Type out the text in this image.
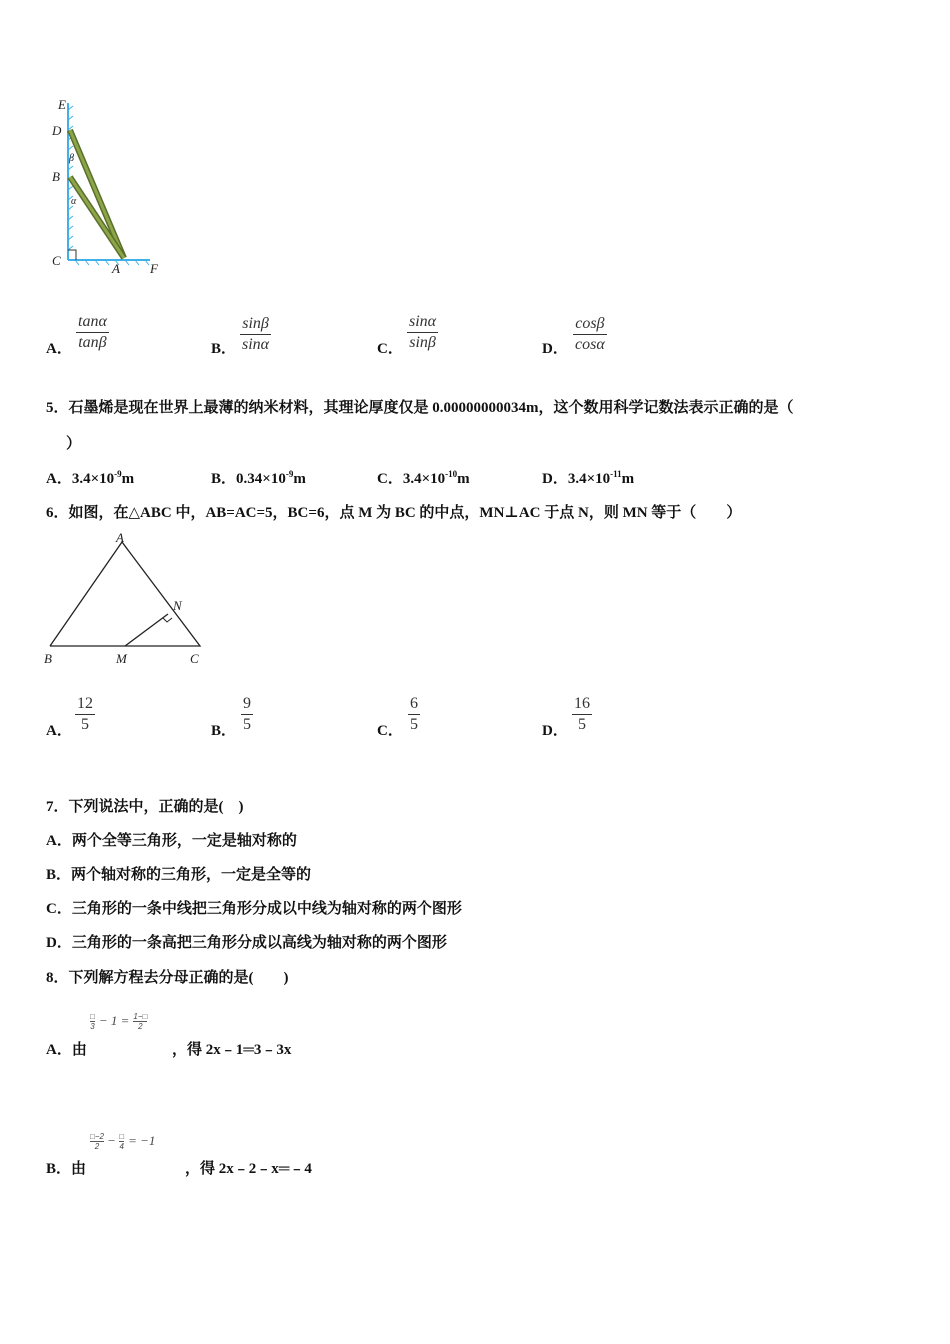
E
D
B
C
A F
β
α
A．
tanα
tanβ	B．
sinβ
sinα	C．
sinα
sinβ	D．
cosβ
cosα
5．石墨烯是现在世界上最薄的纳米材料，其理论厚度仅是 0.00000000034m，这个数用科学记数法表示正确的是（
）
A．$3.4\times 10^{-9}m$	B．$0.34\times 10^{-9}m$	C．$3.4\times 10^{-10}m$	D．$3.4\times 10^{-11}m$
6．如图，在△ABC 中，AB=AC=5，BC=6，点 M 为 BC 的中点，MN⊥AC 于点 N，则 MN 等于（　　）
A
B	C
M
N
A．
12
5	B．
9
5	C．
6
5	D．
16
5
7．下列说法中，正确的是(　)
A．两个全等三角形，一定是轴对称的
B．两个轴对称的三角形，一定是全等的
C．三角形的一条中线把三角形分成以中线为轴对称的两个图形
D．三角形的一条高把三角形分成以高线为轴对称的两个图形
8．下列解方程去分母正确的是(　　)
□
3 − 1 = 1−□
2
A．由	，得 2x﹣1═3﹣3x
□−2
2 − □
4 = −1
B．由	，得 2x﹣2﹣x═﹣4
